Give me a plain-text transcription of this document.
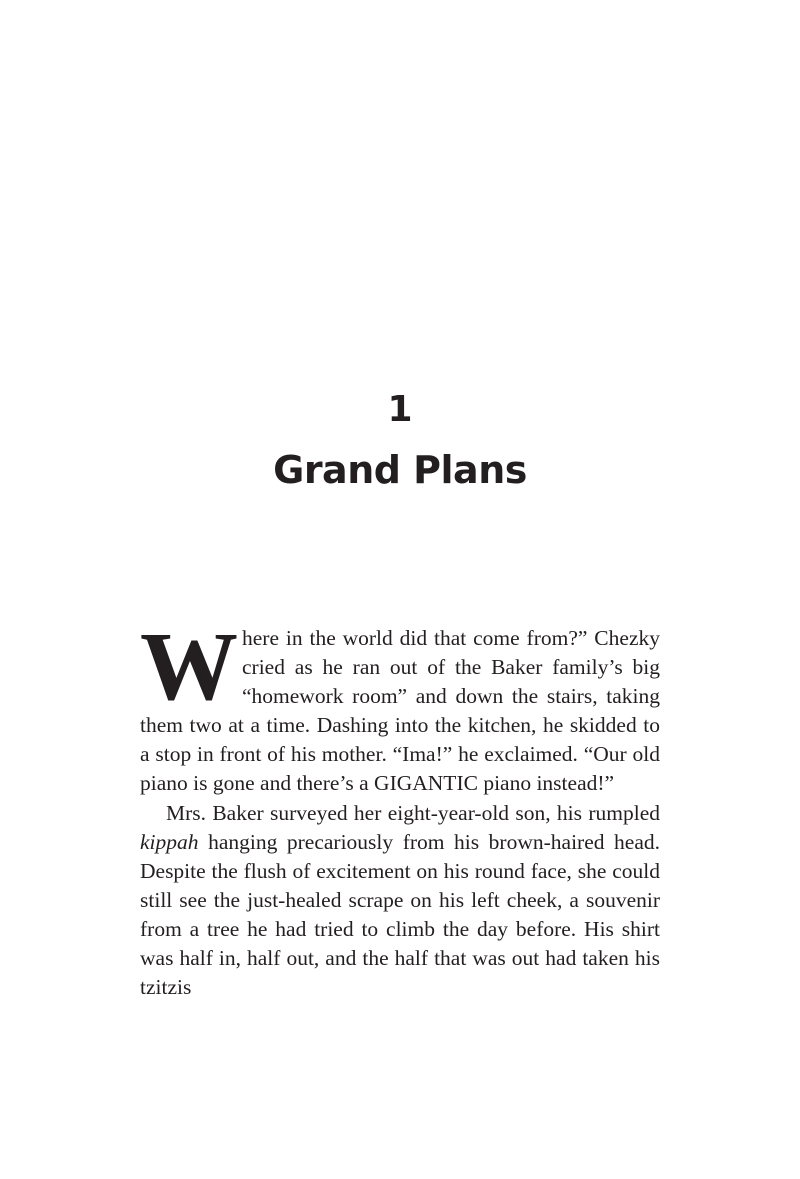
1
Grand Plans

Where in the world did that come from?” Chezky cried as he ran out of the Baker family’s big “homework room” and down the stairs, taking them two at a time. Dashing into the kitchen, he skidded to a stop in front of his mother. “Ima!” he exclaimed. “Our old piano is gone and there’s a GIGANTIC piano instead!”

Mrs. Baker surveyed her eight-year-old son, his rumpled kippah hanging precariously from his brown-haired head. Despite the flush of excitement on his round face, she could still see the just-healed scrape on his left cheek, a souvenir from a tree he had tried to climb the day before. His shirt was half in, half out, and the half that was out had taken his tzitzis
